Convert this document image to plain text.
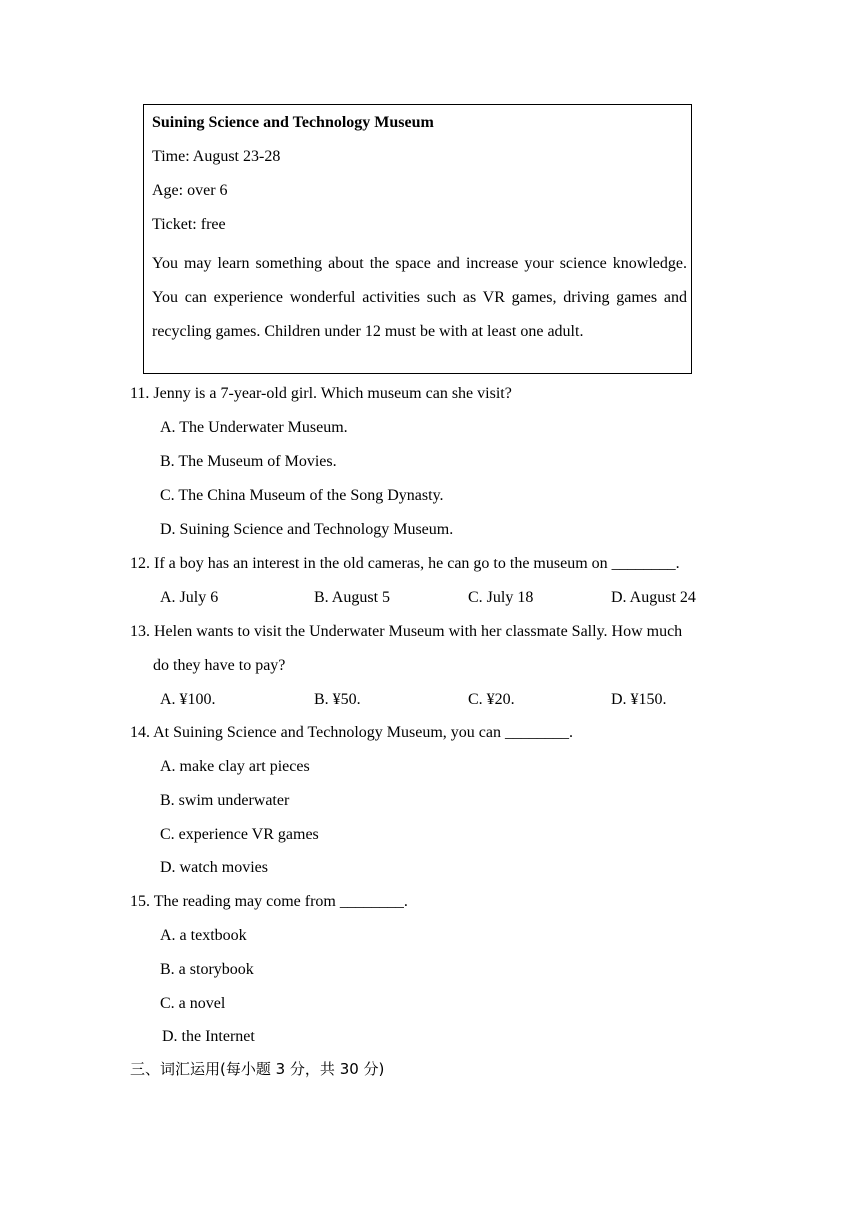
Suining Science and Technology Museum
Time: August 23-28
Age: over 6
Ticket: free
You may learn something about the space and increase your science knowledge. You can experience wonderful activities such as VR games, driving games and recycling games. Children under 12 must be with at least one adult.
11. Jenny is a 7-year-old girl. Which museum can she visit?
A. The Underwater Museum.
B. The Museum of Movies.
C. The China Museum of the Song Dynasty.
D. Suining Science and Technology Museum.
12. If a boy has an interest in the old cameras, he can go to the museum on ________.
A. July 6	B. August 5	C. July 18	D. August 24
13. Helen wants to visit the Underwater Museum with her classmate Sally. How much
do they have to pay?
A. ¥100.	B. ¥50.	C. ¥20.	D. ¥150.
14. At Suining Science and Technology Museum, you can ________.
A. make clay art pieces
B. swim underwater
C. experience VR games
D. watch movies
15. The reading may come from ________.
A. a textbook
B. a storybook
C. a novel
D. the Internet
三、词汇运用(每小题 3 分，共 30 分)
